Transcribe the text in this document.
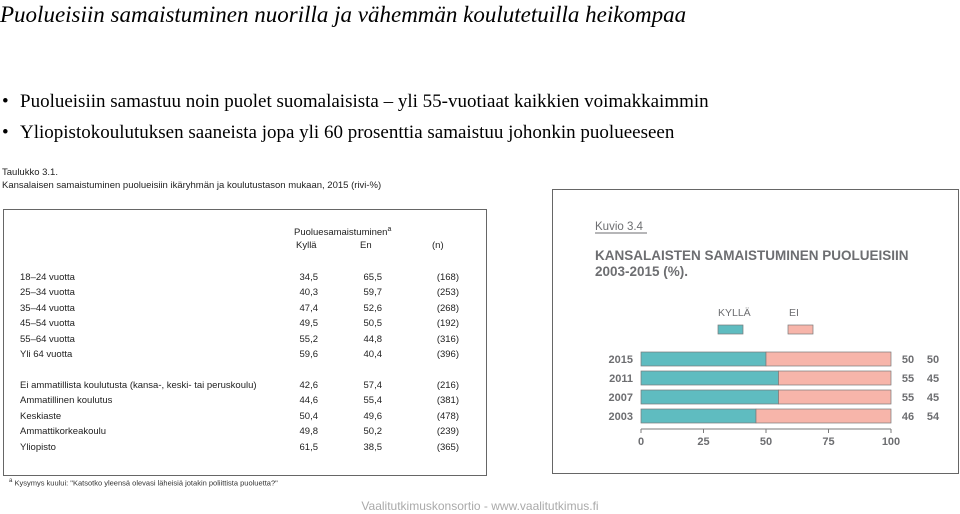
Puolueisiin samaistuminen nuorilla ja vähemmän koulutetuilla heikompaa
• Puolueisiin samastuu noin puolet suomalaisista – yli 55-vuotiaat kaikkien voimakkaimmin
• Yliopistokoulutuksen saaneista jopa yli 60 prosenttia samaistuu johonkin puolueeseen
Taulukko 3.1.
Kansalaisen samaistuminen puolueisiin ikäryhmän ja koulutustason mukaan, 2015 (rivi-%)
Puoluesamaistuminen$^a$
Kyllä	En	(n)
18–24 vuotta	34,5	65,5	(168)
25–34 vuotta	40,3	59,7	(253)
35–44 vuotta	47,4	52,6	(268)
45–54 vuotta	49,5	50,5	(192)
55–64 vuotta	55,2	44,8	(316)
Yli 64 vuotta	59,6	40,4	(396)
Ei ammatillista koulutusta (kansa-, keski- tai peruskoulu)	42,6	57,4	(216)
Ammatillinen koulutus	44,6	55,4	(381)
Keskiaste	50,4	49,6	(478)
Ammattikorkeakoulu	49,8	50,2	(239)
Yliopisto	61,5	38,5	(365)
$^a$ Kysymys kuului: "Katsotko yleensä olevasi läheisiä jotakin poliittista puoluetta?"
Kuvio 3.4
KANSALAISTEN SAMAISTUMINEN PUOLUEISIIN
2003-2015 (%).
KYLLÄ	EI
2015	50 50
2011	55 45
2007	55 45
2003	46 54
0	25	50	75	100
Vaalitutkimuskonsortio - www.vaalitutkimus.fi
